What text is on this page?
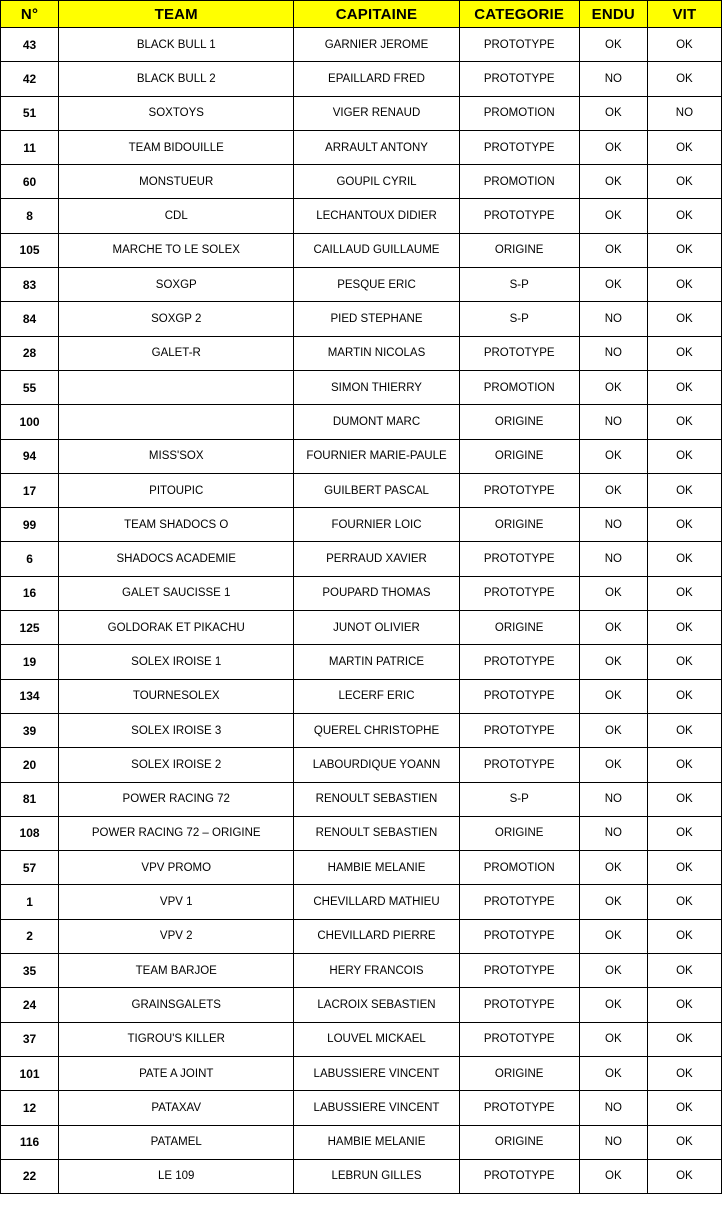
N°	TEAM	CAPITAINE	CATEGORIE	ENDU	VIT
43	BLACK BULL 1	GARNIER JEROME	PROTOTYPE	OK	OK
42	BLACK BULL 2	EPAILLARD FRED	PROTOTYPE	NO	OK
51	SOXTOYS	VIGER RENAUD	PROMOTION	OK	NO
11	TEAM BIDOUILLE	ARRAULT ANTONY	PROTOTYPE	OK	OK
60	MONSTUEUR	GOUPIL CYRIL	PROMOTION	OK	OK
8	CDL	LECHANTOUX DIDIER	PROTOTYPE	OK	OK
105	MARCHE TO LE SOLEX	CAILLAUD GUILLAUME	ORIGINE	OK	OK
83	SOXGP	PESQUE ERIC	S-P	OK	OK
84	SOXGP 2	PIED STEPHANE	S-P	NO	OK
28	GALET-R	MARTIN NICOLAS	PROTOTYPE	NO	OK
55		SIMON THIERRY	PROMOTION	OK	OK
100		DUMONT MARC	ORIGINE	NO	OK
94	MISS'SOX	FOURNIER MARIE-PAULE	ORIGINE	OK	OK
17	PITOUPIC	GUILBERT PASCAL	PROTOTYPE	OK	OK
99	TEAM SHADOCS O	FOURNIER LOIC	ORIGINE	NO	OK
6	SHADOCS ACADEMIE	PERRAUD XAVIER	PROTOTYPE	NO	OK
16	GALET SAUCISSE 1	POUPARD THOMAS	PROTOTYPE	OK	OK
125	GOLDORAK ET PIKACHU	JUNOT OLIVIER	ORIGINE	OK	OK
19	SOLEX IROISE 1	MARTIN PATRICE	PROTOTYPE	OK	OK
134	TOURNESOLEX	LECERF ERIC	PROTOTYPE	OK	OK
39	SOLEX IROISE 3	QUEREL CHRISTOPHE	PROTOTYPE	OK	OK
20	SOLEX IROISE 2	LABOURDIQUE YOANN	PROTOTYPE	OK	OK
81	POWER RACING 72	RENOULT SEBASTIEN	S-P	NO	OK
108	POWER RACING 72 – ORIGINE	RENOULT SEBASTIEN	ORIGINE	NO	OK
57	VPV PROMO	HAMBIE MELANIE	PROMOTION	OK	OK
1	VPV 1	CHEVILLARD MATHIEU	PROTOTYPE	OK	OK
2	VPV 2	CHEVILLARD PIERRE	PROTOTYPE	OK	OK
35	TEAM BARJOE	HERY FRANCOIS	PROTOTYPE	OK	OK
24	GRAINSGALETS	LACROIX SEBASTIEN	PROTOTYPE	OK	OK
37	TIGROU'S KILLER	LOUVEL MICKAEL	PROTOTYPE	OK	OK
101	PATE A JOINT	LABUSSIERE VINCENT	ORIGINE	OK	OK
12	PATAXAV	LABUSSIERE VINCENT	PROTOTYPE	NO	OK
116	PATAMEL	HAMBIE MELANIE	ORIGINE	NO	OK
22	LE 109	LEBRUN GILLES	PROTOTYPE	OK	OK
